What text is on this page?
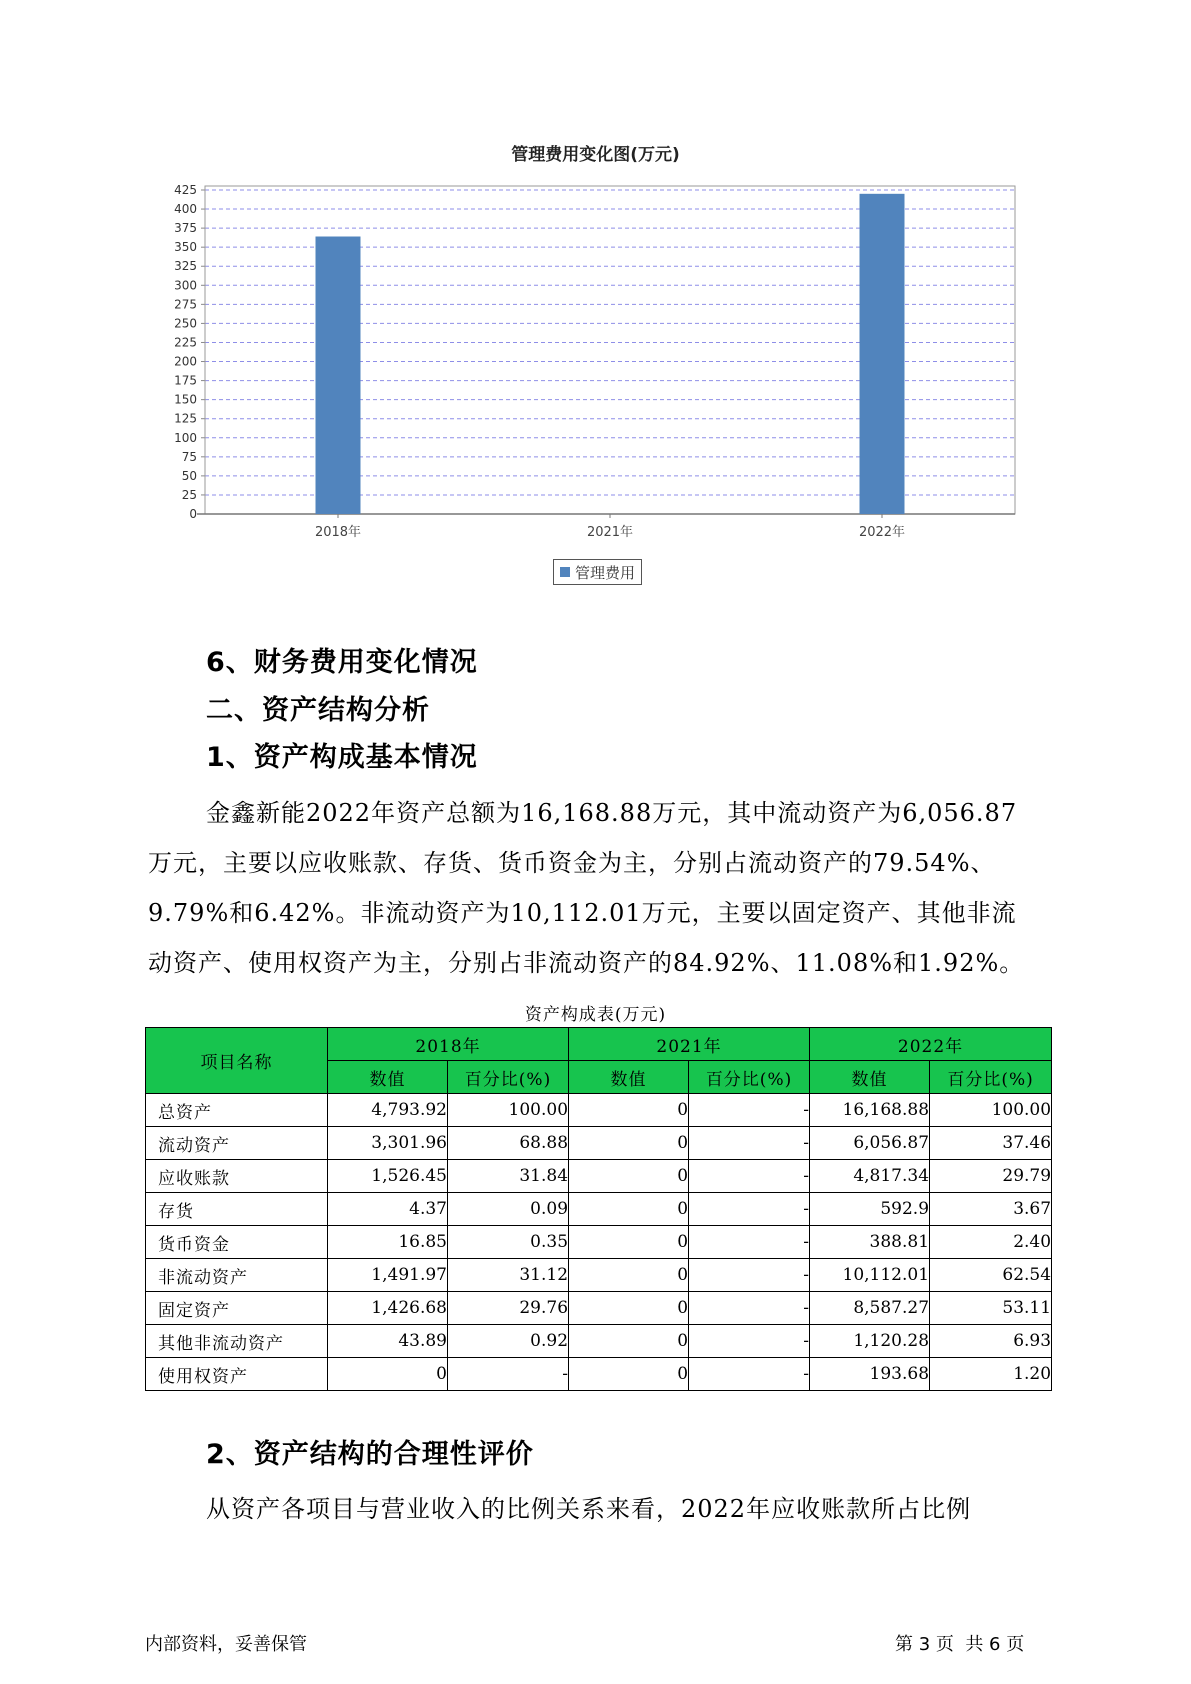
管理费用变化图(万元)
0
25
50
75
100
125
150
175
200
225
250
275
300
325
350
375
400
425
2018年	2021年	2022年
管理费用
6、财务费用变化情况
二、资产结构分析
1、资产构成基本情况
金鑫新能2022年资产总额为16,168.88万元，其中流动资产为6,056.87
万元，主要以应收账款、存货、货币资金为主，分别占流动资产的79.54%、
9.79%和6.42%。非流动资产为10,112.01万元，主要以固定资产、其他非流
动资产、使用权资产为主，分别占非流动资产的84.92%、11.08%和1.92%。
资产构成表(万元)
项目名称	2018年		2021年		2022年	
	数值	百分比(%)	数值	百分比(%)	数值	百分比(%)
总资产	4,793.92	100.00	0	-	16,168.88	100.00
流动资产	3,301.96	68.88	0	-	6,056.87	37.46
应收账款	1,526.45	31.84	0	-	4,817.34	29.79
存货	4.37	0.09	0	-	592.9	3.67
货币资金	16.85	0.35	0	-	388.81	2.40
非流动资产	1,491.97	31.12	0	-	10,112.01	62.54
固定资产	1,426.68	29.76	0	-	8,587.27	53.11
其他非流动资产	43.89	0.92	0	-	1,120.28	6.93
使用权资产	0	-	0	-	193.68	1.20
2、资产结构的合理性评价
从资产各项目与营业收入的比例关系来看，2022年应收账款所占比例
内部资料，妥善保管	第 3 页  共 6 页
